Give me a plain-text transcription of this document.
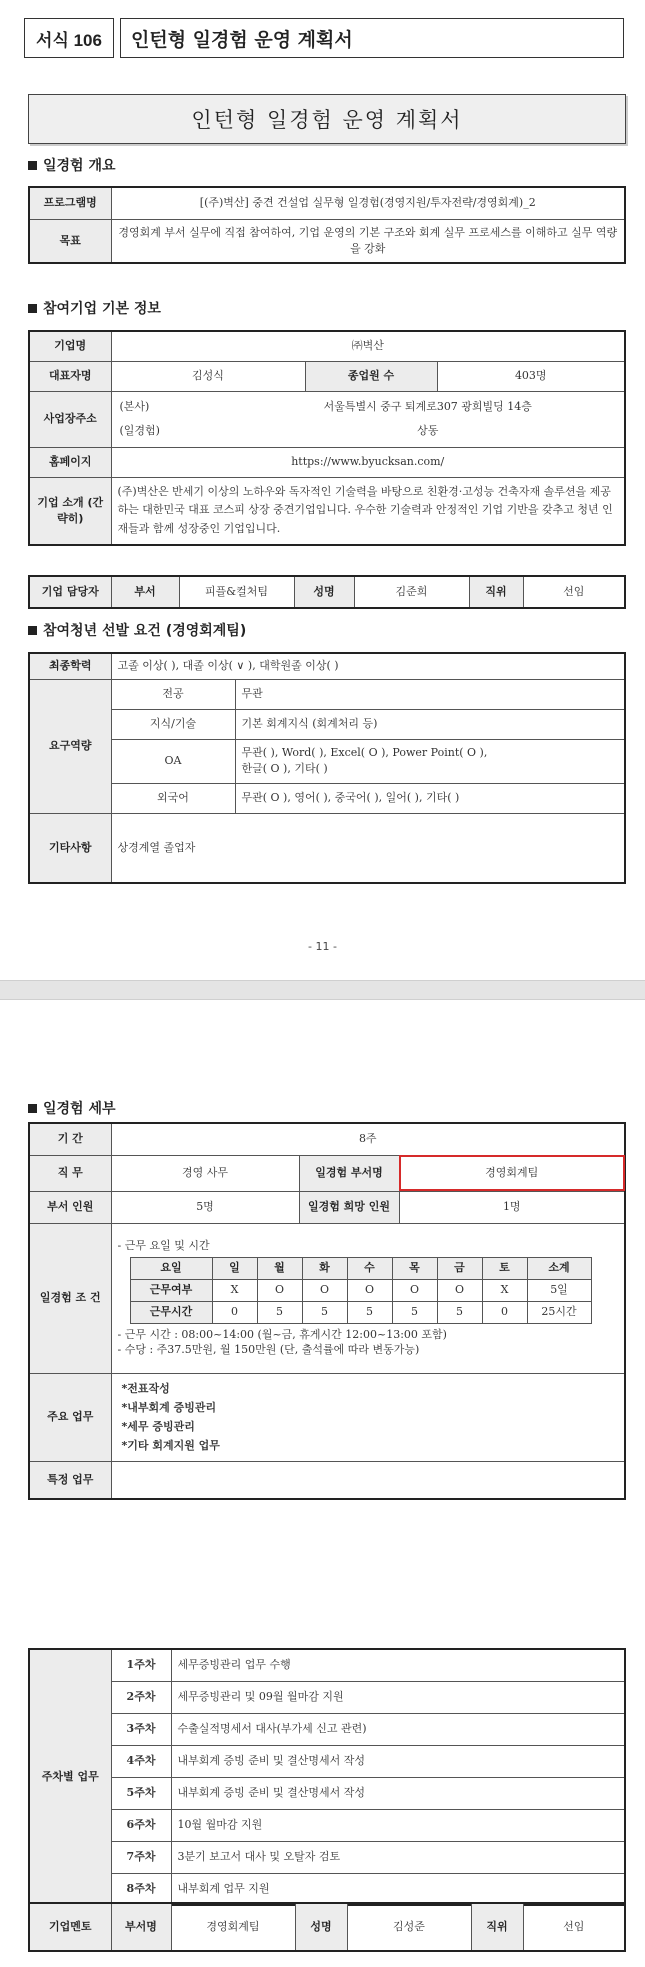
서식 106	인턴형 일경험 운영 계획서
인턴형 일경험 운영 계획서
일경험 개요
프로그램명	[(주)벽산] 중견 건설업 실무형 일경험(경영지원/투자전략/경영회계)_2
목표	경영회계 부서 실무에 직접 참여하여, 기업 운영의 기본 구조와 회계 실무 프로세스를 이해하고 실무 역량을 강화
참여기업 기본 정보
기업명	㈜벽산		
대표자명	김성식	종업원 수	403명
사업장주소	(본사) 서울특별시 중구 퇴계로307 광희빌딩 14층
(일경험) 상동		

홈페이지	https://www.byucksan.com/		
기업 소개 (간략히)	(주)벽산은 반세기 이상의 노하우와 독자적인 기술력을 바탕으로 친환경·고성능 건축자재 솔루션을 제공하는 대한민국 대표 코스피 상장 중견기업입니다. 우수한 기술력과 안정적인 기업 기반을 갖추고 청년 인재들과 함께 성장중인 기업입니다.		
기업 담당자	부서	피플&컬처팀	성명	김준희	직위	선임
참여청년 선발 요건 (경영회계팀)
최종학력	고졸 이상( ), 대졸 이상( ∨ ), 대학원졸 이상( )	
요구역량	전공	무관
	지식/기술	기본 회계지식 (회계처리 등)
	OA	무관( ), Word( ), Excel( O ), Power Point( O ),
한글( O ), 기타( )

	외국어	무관( O ), 영어( ), 중국어( ), 일어( ), 기타( )
기타사항	상경계열 졸업자	
- 11 -
일경험 세부
기 간	8주
직 무	경영 사무	일경험 부서명	경영회계팀
부서 인원	5명	일경험 희망 인원	1명
일경험 조 건	
- 근무 요일 및 시간
요일	일	월	화	수	목	금	토	소계
근무여부	X	O	O	O	O	O	X	5일
근무시간	0	5	5	5	5	5	0	25시간
- 근무 시간 : 08:00~14:00 (월~금, 휴게시간 12:00~13:00 포함)
- 수당 : 주37.5만원, 월 150만원 (단, 출석률에 따라 변동가능)

주요 업무	
*전표작성
*내부회계 증빙관리
*세무 증빙관리
*기타 회계지원 업무

특정 업무	
주차별 업무	1주차	세무증빙관리 업무 수행
	2주차	세무증빙관리 및 09월 월마감 지원
	3주차	수출실적명세서 대사(부가세 신고 관련)
	4주차	내부회계 증빙 준비 및 결산명세서 작성
	5주차	내부회계 증빙 준비 및 결산명세서 작성
	6주차	10월 월마감 지원
	7주차	3분기 보고서 대사 및 오탈자 검토
	8주차	내부회계 업무 지원
기업멘토	부서명	경영회계팀	성명	김성준	직위	선임
